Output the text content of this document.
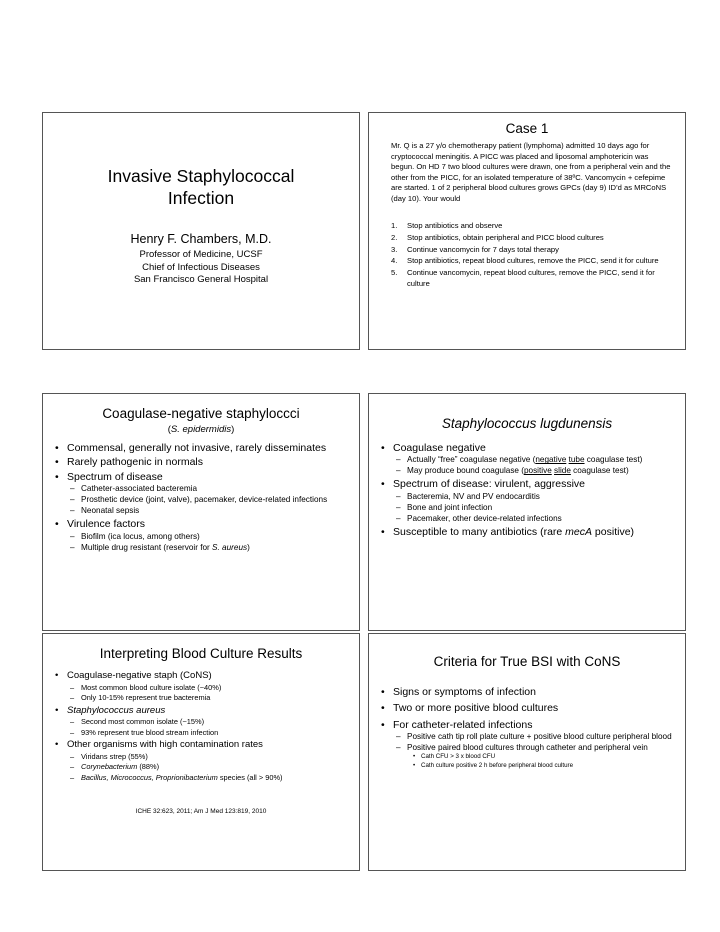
Invasive Staphylococcal
Infection
Henry F. Chambers, M.D.
Professor of Medicine, UCSF
Chief of Infectious Diseases
San Francisco General Hospital
Case 1
Mr. Q is a 27 y/o chemotherapy patient (lymphoma) admitted 10 days ago for cryptococcal meningitis. A PICC was placed and liposomal amphotericin was begun. On HD 7 two blood cultures were drawn, one from a peripheral vein and the other from the PICC, for an isolated temperature of 38ºC. Vancomycin + cefepime are started. 1 of 2 peripheral blood cultures grows GPCs (day 9) ID’d as MRCoNS (day 10). Your would
1. Stop antibiotics and observe
2. Stop antibiotics, obtain peripheral and PICC blood cultures
3. Continue vancomycin for 7 days total therapy
4. Stop antibiotics, repeat blood cultures, remove the PICC, send it for culture
5. Continue vancomycin, repeat blood cultures, remove the PICC, send it for culture
Coagulase-negative staphyloccci
(S. epidermidis)
• Commensal, generally not invasive, rarely disseminates
• Rarely pathogenic in normals
• Spectrum of disease
– Catheter-associated bacteremia
– Prosthetic device (joint, valve), pacemaker, device-related infections
– Neonatal sepsis
• Virulence factors
– Biofilm (ica locus, among others)
– Multiple drug resistant (reservoir for S. aureus)
Staphylococcus lugdunensis
• Coagulase negative
– Actually “free” coagulase negative (negative tube coagulase test)
– May produce bound coagulase (positive slide coagulase test)
• Spectrum of disease: virulent, aggressive
– Bacteremia, NV and PV endocarditis
– Bone and joint infection
– Pacemaker, other device-related infections
• Susceptible to many antibiotics (rare mecA positive)
Interpreting Blood Culture Results
• Coagulase-negative staph (CoNS)
– Most common blood culture isolate (~40%)
– Only 10-15% represent true bacteremia
• Staphylococcus aureus
– Second most common isolate (~15%)
– 93% represent true blood stream infection
• Other organisms with high contamination rates
– Viridans strep (55%)
– Corynebacterium (88%)
– Bacillus, Micrococcus, Proprionibacterium species (all > 90%)
ICHE 32:623, 2011; Am J Med 123:819, 2010
Criteria for True BSI with CoNS
• Signs or symptoms of infection
• Two or more positive blood cultures
• For catheter-related infections
– Positive cath tip roll plate culture + positive blood culture peripheral blood
– Positive paired blood cultures through catheter and peripheral vein
• Cath CFU > 3 x blood CFU
• Cath culture positive 2 h before peripheral blood culture
